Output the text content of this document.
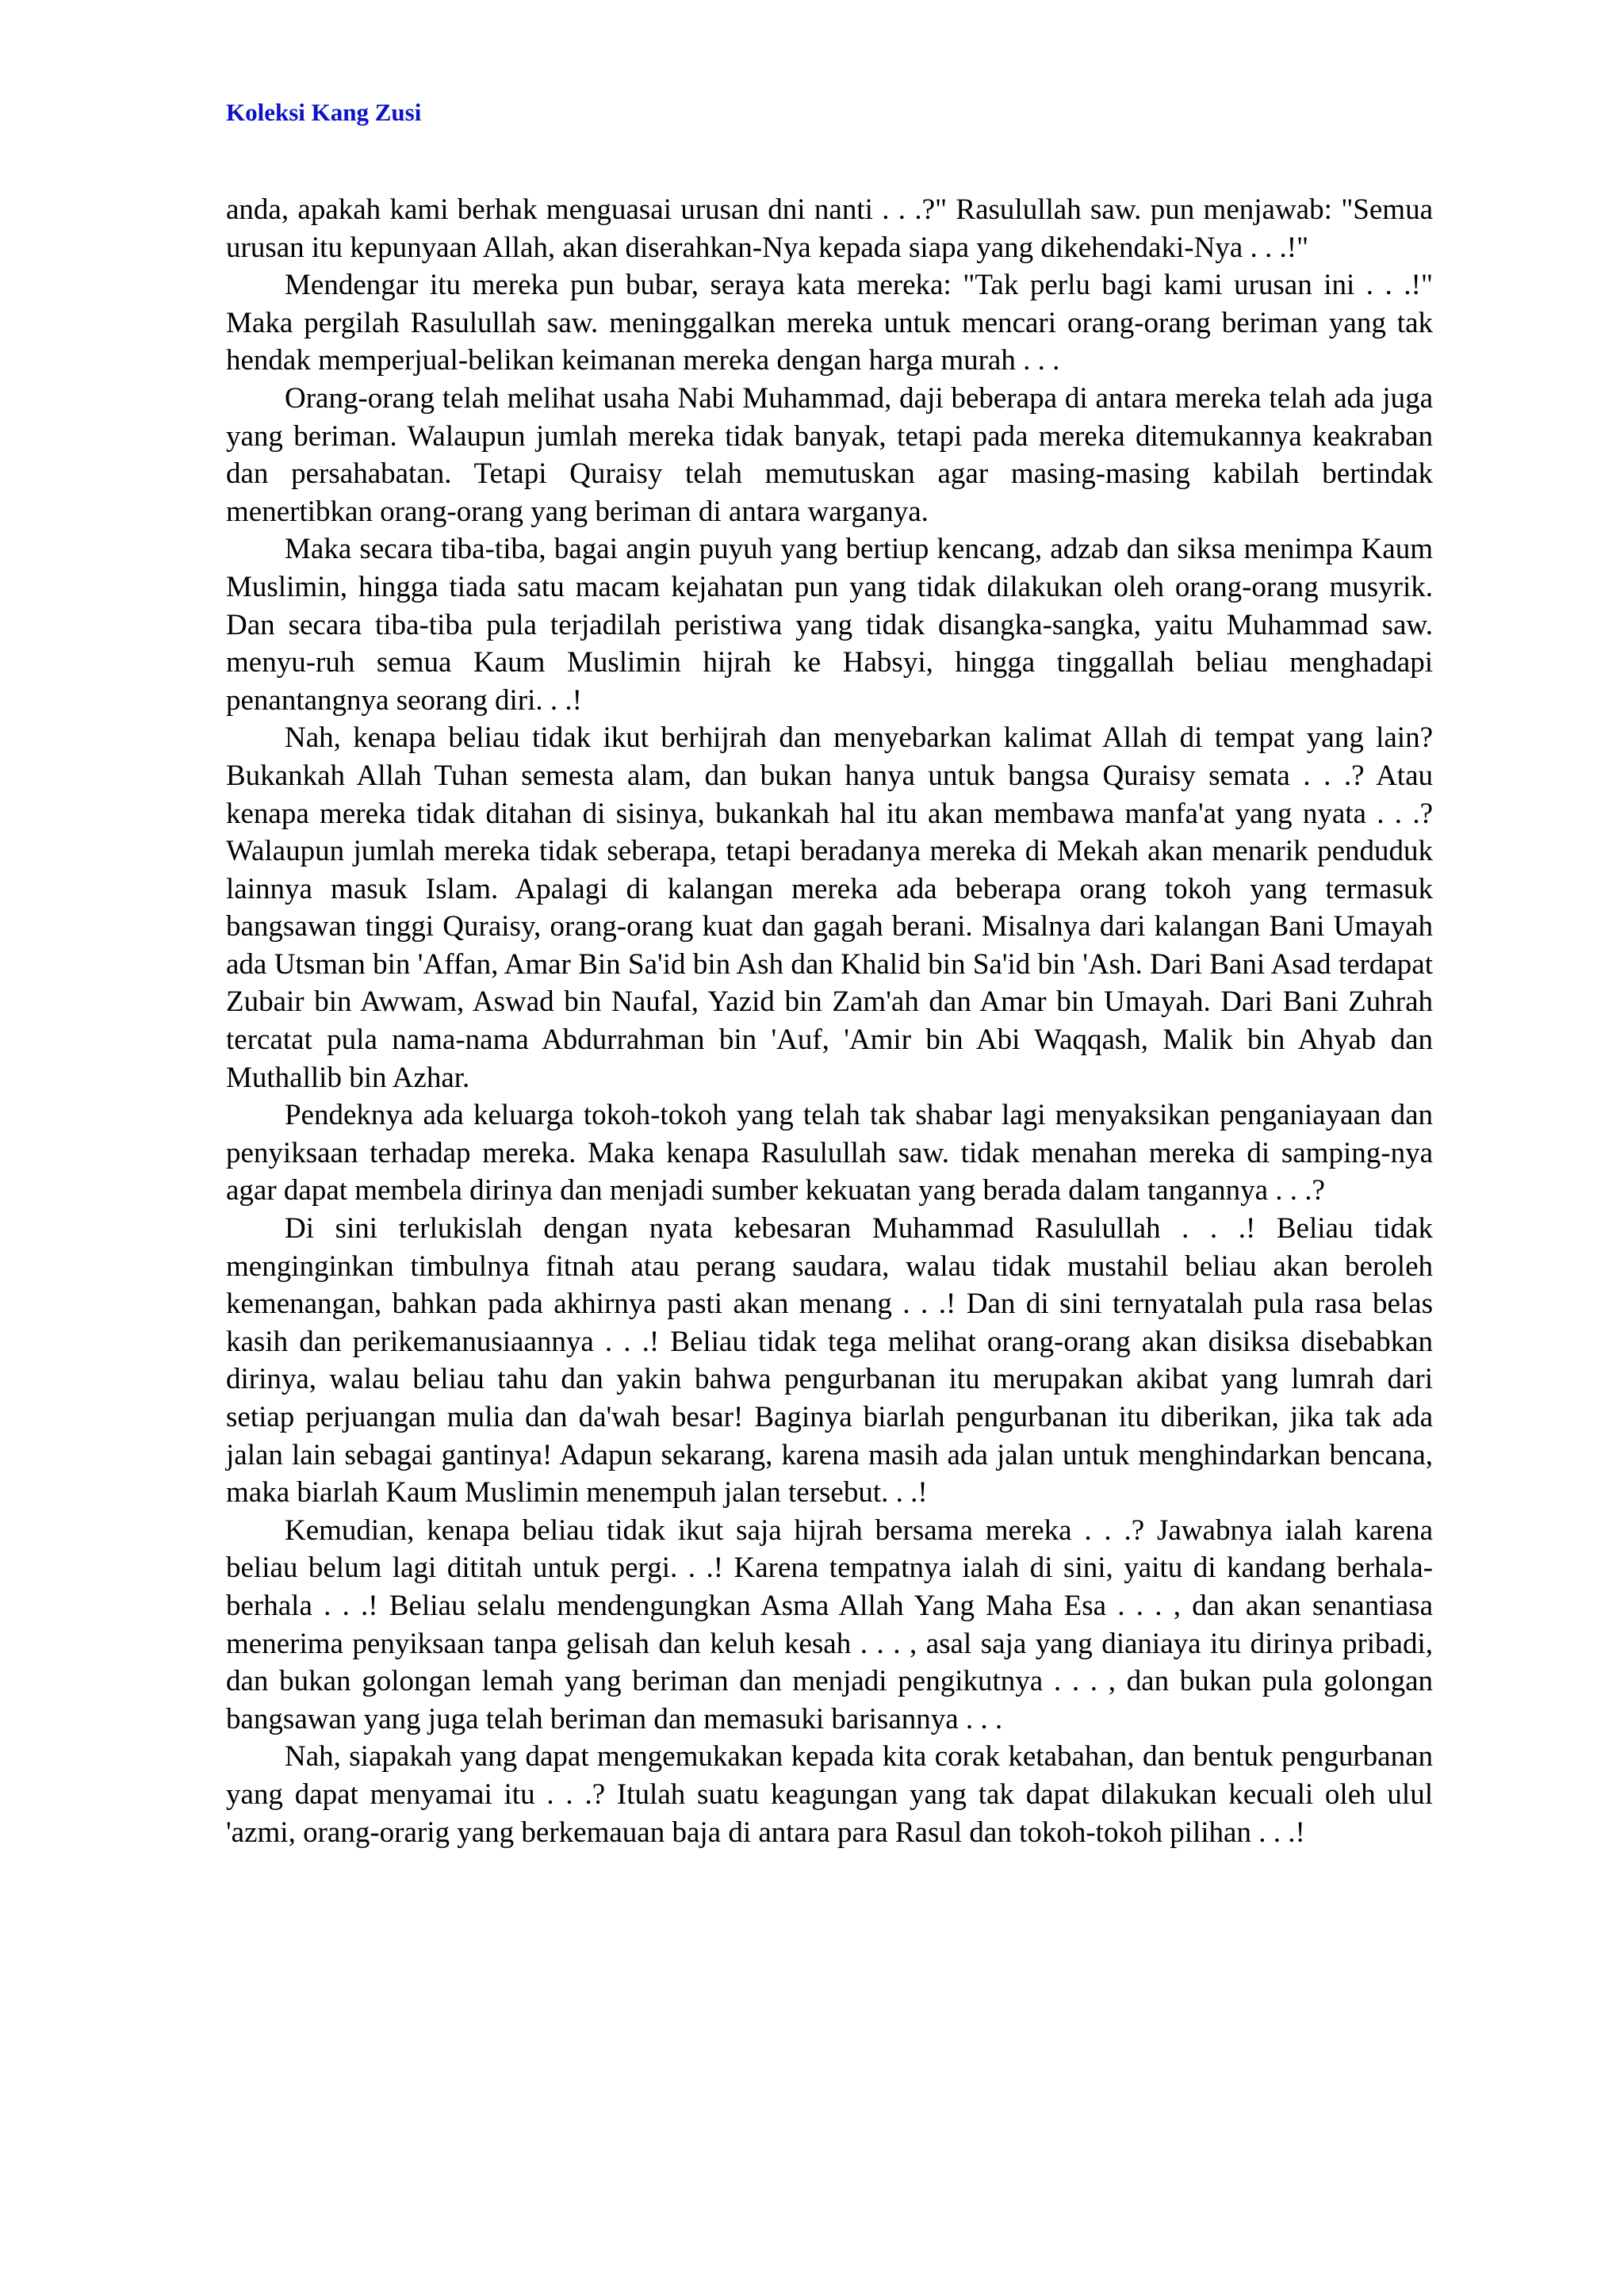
Koleksi Kang Zusi

anda, apakah kami berhak menguasai urusan dni nanti . . .?" Rasulullah saw. pun menjawab: "Semua urusan itu kepunyaan Allah, akan diserahkan-Nya kepada siapa yang dikehendaki-Nya . . .!"

Mendengar itu mereka pun bubar, seraya kata mereka: "Tak perlu bagi kami urusan ini . . .!" Maka pergilah Rasulullah saw. meninggalkan mereka untuk mencari orang-orang beriman yang tak hendak memperjual-belikan keimanan mereka dengan harga murah . . .

Orang-orang telah melihat usaha Nabi Muhammad, daji beberapa di antara mereka telah ada juga yang beriman. Walaupun jumlah mereka tidak banyak, tetapi pada mereka ditemukannya keakraban dan persahabatan. Tetapi Quraisy telah memutuskan agar masing-masing kabilah bertindak menertibkan orang-orang yang beriman di antara warganya.

Maka secara tiba-tiba, bagai angin puyuh yang bertiup kencang, adzab dan siksa menimpa Kaum Muslimin, hingga tiada satu macam kejahatan pun yang tidak dilakukan oleh orang-orang musyrik. Dan secara tiba-tiba pula terjadilah peristiwa yang tidak disangka-sangka, yaitu Muhammad saw. menyu-ruh semua Kaum Muslimin hijrah ke Habsyi, hingga tinggallah beliau menghadapi penantangnya seorang diri. . .!

Nah, kenapa beliau tidak ikut berhijrah dan menyebarkan kalimat Allah di tempat yang lain? Bukankah Allah Tuhan semesta alam, dan bukan hanya untuk bangsa Quraisy semata . . .? Atau kenapa mereka tidak ditahan di sisinya, bukankah hal itu akan membawa manfa'at yang nyata . . .? Walaupun jumlah mereka tidak seberapa, tetapi beradanya mereka di Mekah akan menarik penduduk lainnya masuk Islam. Apalagi di kalangan mereka ada beberapa orang tokoh yang termasuk bangsawan tinggi Quraisy, orang-orang kuat dan gagah berani. Misalnya dari kalangan Bani Umayah ada Utsman bin 'Affan, Amar Bin Sa'id bin Ash dan Khalid bin Sa'id bin 'Ash. Dari Bani Asad terdapat Zubair bin Awwam, Aswad bin Naufal, Yazid bin Zam'ah dan Amar bin Umayah. Dari Bani Zuhrah tercatat pula nama-nama Abdurrahman bin 'Auf, 'Amir bin Abi Waqqash, Malik bin Ahyab dan Muthallib bin Azhar.

Pendeknya ada keluarga tokoh-tokoh yang telah tak shabar lagi menyaksikan penganiayaan dan penyiksaan terhadap mereka. Maka kenapa Rasulullah saw. tidak menahan mereka di samping-nya agar dapat membela dirinya dan menjadi sumber kekuatan yang berada dalam tangannya . . .?

Di sini terlukislah dengan nyata kebesaran Muhammad Rasulullah . . .! Beliau tidak menginginkan timbulnya fitnah atau perang saudara, walau tidak mustahil beliau akan beroleh kemenangan, bahkan pada akhirnya pasti akan menang . . .! Dan di sini ternyatalah pula rasa belas kasih dan perikemanusiaannya . . .! Beliau tidak tega melihat orang-orang akan disiksa disebabkan dirinya, walau beliau tahu dan yakin bahwa pengurbanan itu merupakan akibat yang lumrah dari setiap perjuangan mulia dan da'wah besar! Baginya biarlah pengurbanan itu diberikan, jika tak ada jalan lain sebagai gantinya! Adapun sekarang, karena masih ada jalan untuk menghindarkan bencana, maka biarlah Kaum Muslimin menempuh jalan tersebut. . .!

Kemudian, kenapa beliau tidak ikut saja hijrah bersama mereka . . .? Jawabnya ialah karena beliau belum lagi dititah untuk pergi. . .! Karena tempatnya ialah di sini, yaitu di kandang berhala-berhala . . .! Beliau selalu mendengungkan Asma Allah Yang Maha Esa . . . , dan akan senantiasa menerima penyiksaan tanpa gelisah dan keluh kesah . . . , asal saja yang dianiaya itu dirinya pribadi, dan bukan golongan lemah yang beriman dan menjadi pengikutnya . . . , dan bukan pula golongan bangsawan yang juga telah beriman dan memasuki barisannya . . .

Nah, siapakah yang dapat mengemukakan kepada kita corak ketabahan, dan bentuk pengurbanan yang dapat menyamai itu . . .? Itulah suatu keagungan yang tak dapat dilakukan kecuali oleh ulul 'azmi, orang-orarig yang berkemauan baja di antara para Rasul dan tokoh-tokoh pilihan . . .!
